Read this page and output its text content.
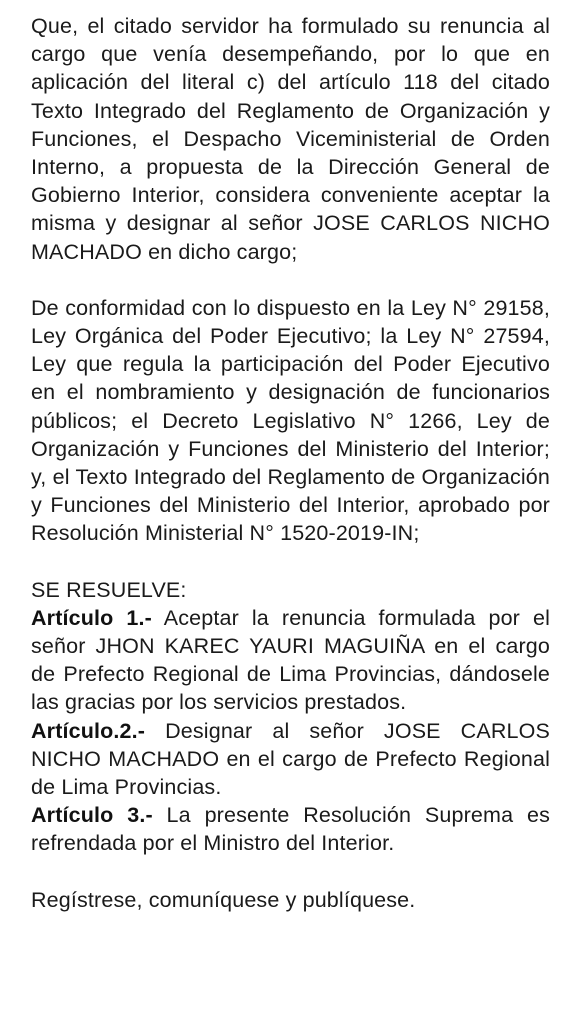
Que, el citado servidor ha formulado su renuncia al cargo que venía desempeñando, por lo que en aplicación del literal c) del artículo 118 del citado Texto Integrado del Reglamento de Organización y Funciones, el Despacho Viceministerial de Orden Interno, a propuesta de la Dirección General de Gobierno Interior, considera conveniente aceptar la misma y designar al señor JOSE CARLOS NICHO MACHADO en dicho cargo;

De conformidad con lo dispuesto en la Ley N° 29158, Ley Orgánica del Poder Ejecutivo; la Ley N° 27594, Ley que regula la participación del Poder Ejecutivo en el nombramiento y designación de funcionarios públicos; el Decreto Legislativo N° 1266, Ley de Organización y Funciones del Ministerio del Interior; y, el Texto Integrado del Reglamento de Organización y Funciones del Ministerio del Interior, aprobado por Resolución Ministerial N° 1520-2019-IN;

SE RESUELVE:

Artículo 1.- Aceptar la renuncia formulada por el señor JHON KAREC YAURI MAGUIÑA en el cargo de Prefecto Regional de Lima Provincias, dándosele las gracias por los servicios prestados.

Artículo.2.- Designar al señor JOSE CARLOS NICHO MACHADO en el cargo de Prefecto Regional de Lima Provincias.

Artículo 3.- La presente Resolución Suprema es refrendada por el Ministro del Interior.

Regístrese, comuníquese y publíquese.
